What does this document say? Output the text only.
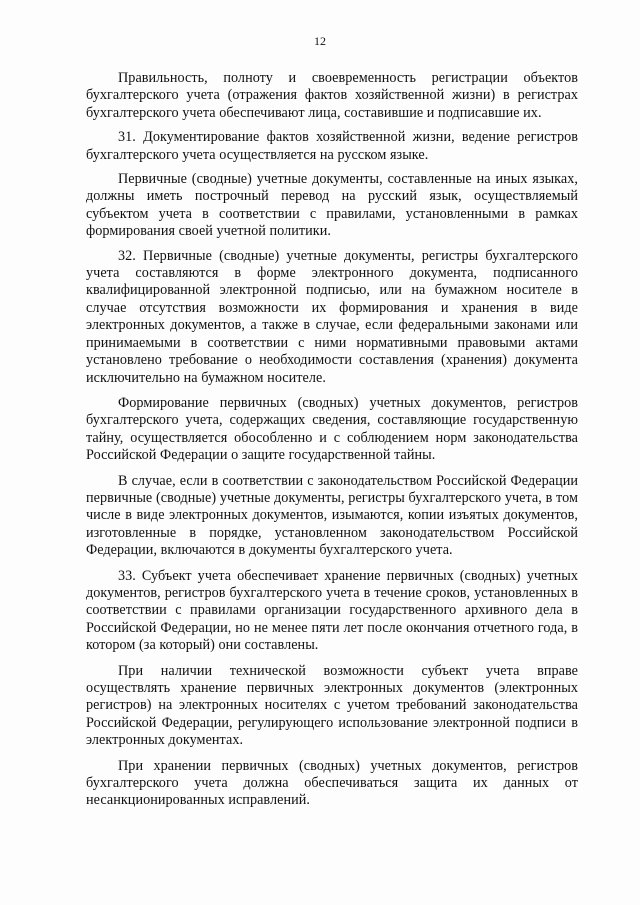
12

Правильность, полноту и своевременность регистрации объектов бухгалтерского учета (отражения фактов хозяйственной жизни) в регистрах бухгалтерского учета обеспечивают лица, составившие и подписавшие их.

31. Документирование фактов хозяйственной жизни, ведение регистров бухгалтерского учета осуществляется на русском языке.

Первичные (сводные) учетные документы, составленные на иных языках, должны иметь построчный перевод на русский язык, осуществляемый субъектом учета в соответствии с правилами, установленными в рамках формирования своей учетной политики.

32. Первичные (сводные) учетные документы, регистры бухгалтерского учета составляются в форме электронного документа, подписанного квалифицированной электронной подписью, или на бумажном носителе в случае отсутствия возможности их формирования и хранения в виде электронных документов, а также в случае, если федеральными законами или принимаемыми в соответствии с ними нормативными правовыми актами установлено требование о необходимости составления (хранения) документа исключительно на бумажном носителе.

Формирование первичных (сводных) учетных документов, регистров бухгалтерского учета, содержащих сведения, составляющие государственную тайну, осуществляется обособленно и с соблюдением норм законодательства Российской Федерации о защите государственной тайны.

В случае, если в соответствии с законодательством Российской Федерации первичные (сводные) учетные документы, регистры бухгалтерского учета, в том числе в виде электронных документов, изымаются, копии изъятых документов, изготовленные в порядке, установленном законодательством Российской Федерации, включаются в документы бухгалтерского учета.

33. Субъект учета обеспечивает хранение первичных (сводных) учетных документов, регистров бухгалтерского учета в течение сроков, установленных в соответствии с правилами организации государственного архивного дела в Российской Федерации, но не менее пяти лет после окончания отчетного года, в котором (за который) они составлены.

При наличии технической возможности субъект учета вправе осуществлять хранение первичных электронных документов (электронных регистров) на электронных носителях с учетом требований законодательства Российской Федерации, регулирующего использование электронной подписи в электронных документах.

При хранении первичных (сводных) учетных документов, регистров бухгалтерского учета должна обеспечиваться защита их данных от несанкционированных исправлений.
